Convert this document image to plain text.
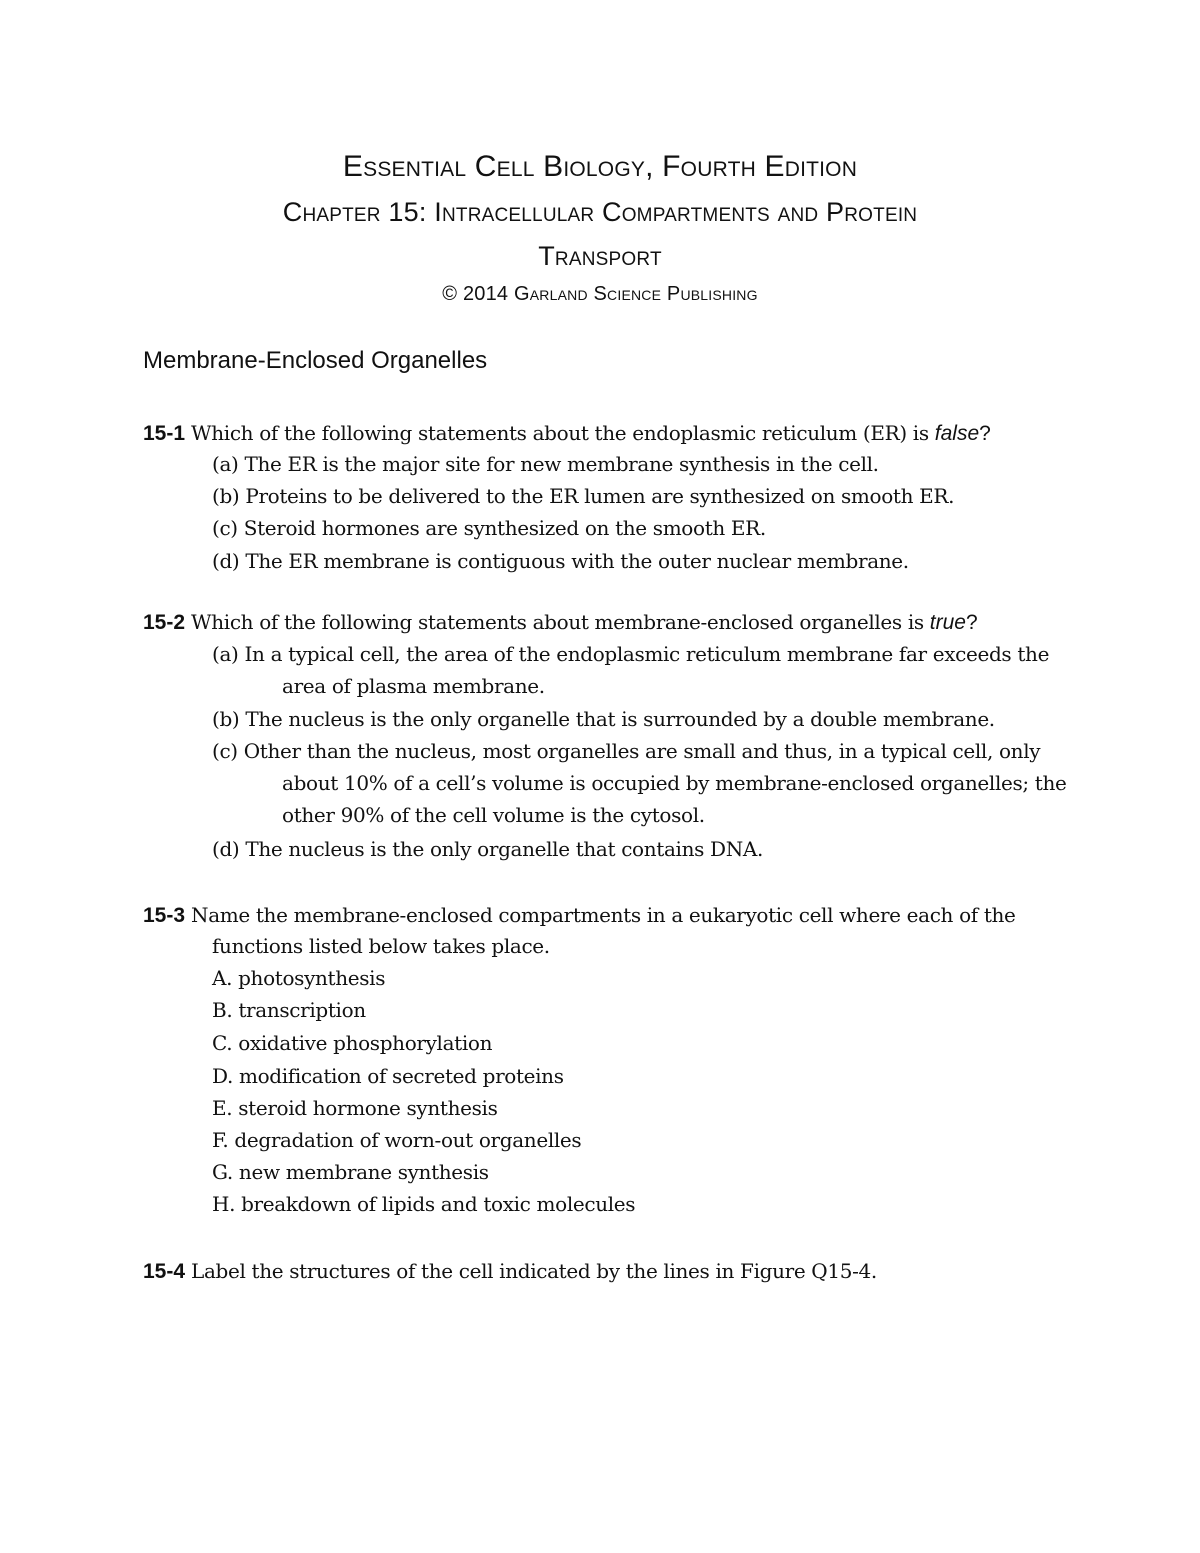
Essential Cell Biology, Fourth Edition
Chapter 15: Intracellular Compartments and Protein
Transport
© 2014 Garland Science Publishing
Membrane-Enclosed Organelles
15-1 Which of the following statements about the endoplasmic reticulum (ER) is false?
(a) The ER is the major site for new membrane synthesis in the cell.
(b) Proteins to be delivered to the ER lumen are synthesized on smooth ER.
(c) Steroid hormones are synthesized on the smooth ER.
(d) The ER membrane is contiguous with the outer nuclear membrane.
15-2 Which of the following statements about membrane-enclosed organelles is true?
(a) In a typical cell, the area of the endoplasmic reticulum membrane far exceeds the
area of plasma membrane.
(b) The nucleus is the only organelle that is surrounded by a double membrane.
(c) Other than the nucleus, most organelles are small and thus, in a typical cell, only
about 10% of a cell’s volume is occupied by membrane-enclosed organelles; the
other 90% of the cell volume is the cytosol.
(d) The nucleus is the only organelle that contains DNA.
15-3 Name the membrane-enclosed compartments in a eukaryotic cell where each of the
functions listed below takes place.
A. photosynthesis
B. transcription
C. oxidative phosphorylation
D. modification of secreted proteins
E. steroid hormone synthesis
F. degradation of worn-out organelles
G. new membrane synthesis
H. breakdown of lipids and toxic molecules
15-4 Label the structures of the cell indicated by the lines in Figure Q15-4.
